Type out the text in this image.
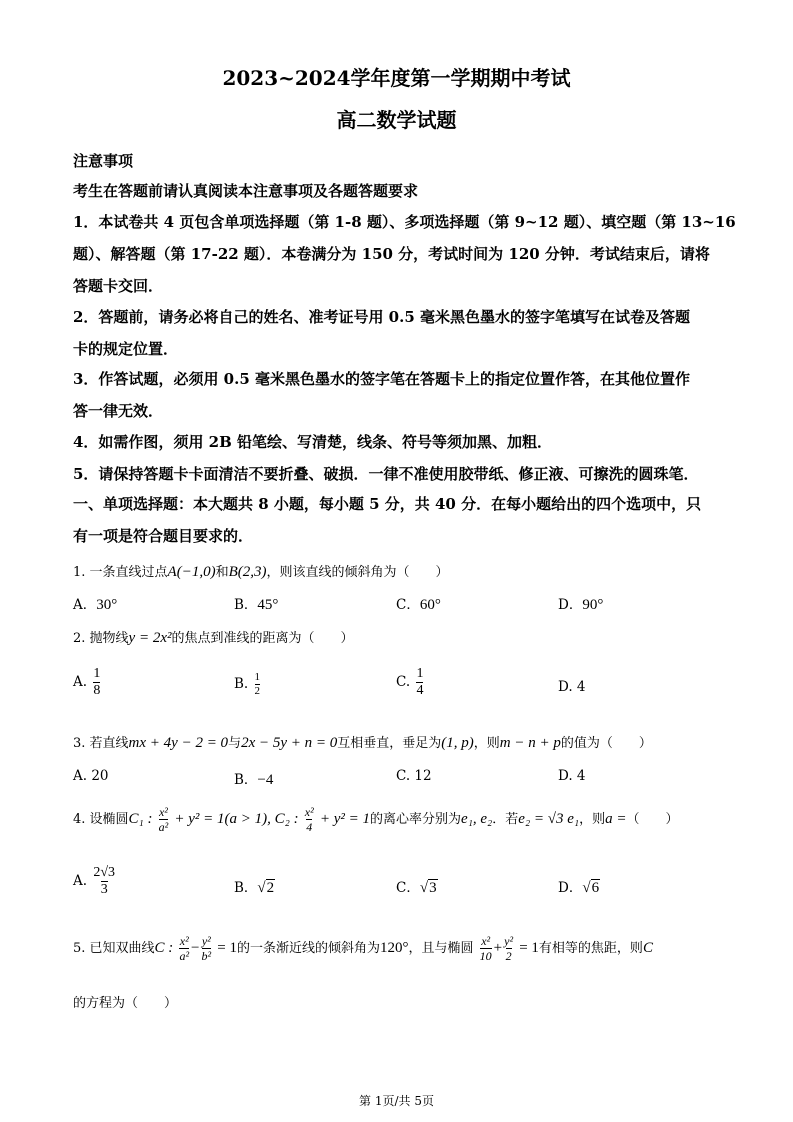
2023~2024学年度第一学期期中考试
高二数学试题
注意事项
考生在答题前请认真阅读本注意事项及各题答题要求
1．本试卷共 4 页包含单项选择题（第 1-8 题）、多项选择题（第 9~12 题）、填空题（第 13~16
题）、解答题（第 17-22 题）．本卷满分为 150 分，考试时间为 120 分钟．考试结束后，请将
答题卡交回．
2．答题前，请务必将自己的姓名、准考证号用 0.5 毫米黑色墨水的签字笔填写在试卷及答题
卡的规定位置．
3．作答试题，必须用 0.5 毫米黑色墨水的签字笔在答题卡上的指定位置作答，在其他位置作
答一律无效．
4．如需作图，须用 2B 铅笔绘、写清楚，线条、符号等须加黑、加粗．
5．请保持答题卡卡面清洁不要折叠、破损．一律不准使用胶带纸、修正液、可擦洗的圆珠笔．
一、单项选择题：本大题共 8 小题，每小题 5 分，共 40 分．在每小题给出的四个选项中，只
有一项是符合题目要求的．
1. 一条直线过点A(−1,0)和B(2,3)，则该直线的倾斜角为（　　）
A．30°	B．45°	C．60°	D．90°
2. 抛物线y = 2x²的焦点到准线的距离为（　　）
A. $\frac{1}{8}$	B. $\frac{1}{2}$	C. $\frac{1}{4}$	D. 4
3. 若直线mx + 4y − 2 = 0与2x − 5y + n = 0互相垂直，垂足为(1, p)，则m − n + p的值为（　　）
A. 20	B．−4	C. 12	D. 4
4. 设椭圆C₁ : $\frac{\text{x²}}{\text{a²}} + y^2 = 1(a > 1)$, C₂ : $\frac{\text{x²}}{4} + y^2 = 1$的离心率分别为e₁, e₂．若e₂ = √3 e₁，则a =（　　）
A. $\frac{2√3}{3}$	B．√2	C．√3	D．√6
5. 已知双曲线C : $\frac{\text{x²}}{\text{a²}} - \frac{\text{y²}}{\text{b²}} = 1$的一条渐近线的倾斜角为120°，且与椭圆 $\frac{\text{x²}}{10} + \frac{\text{y²}}{2} = 1$有相等的焦距，则C
的方程为（　　）
第 1页/共 5页
